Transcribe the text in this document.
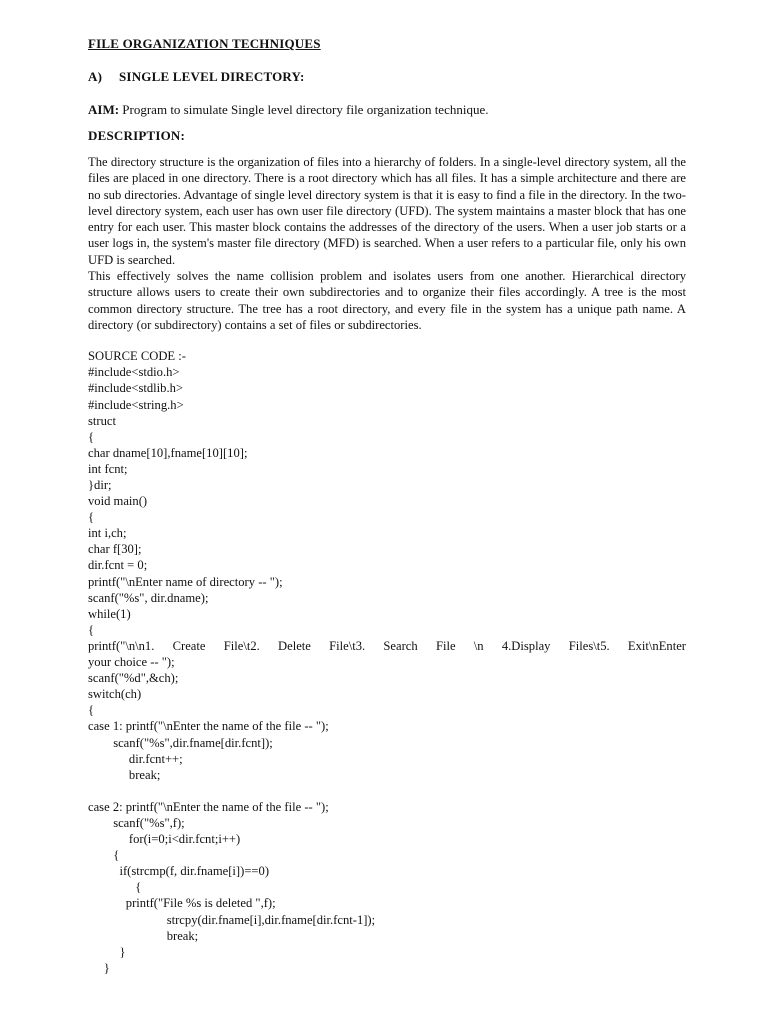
FILE ORGANIZATION TECHNIQUES
A)	SINGLE LEVEL DIRECTORY:
AIM: Program to simulate Single level directory file organization technique.
DESCRIPTION:

The directory structure is the organization of files into a hierarchy of folders. In a single-level directory system, all the files are placed in one directory. There is a root directory which has all files. It has a simple architecture and there are no sub directories. Advantage of single level directory system is that it is easy to find a file in the directory. In the two-level directory system, each user has own user file directory (UFD). The system maintains a master block that has one entry for each user. This master block contains the addresses of the directory of the users. When a user job starts or a user logs in, the system's master file directory (MFD) is searched. When a user refers to a particular file, only his own UFD is searched.

This effectively solves the name collision problem and isolates users from one another. Hierarchical directory structure allows users to create their own subdirectories and to organize their files accordingly. A tree is the most common directory structure. The tree has a root directory, and every file in the system has a unique path name. A directory (or subdirectory) contains a set of files or subdirectories.

SOURCE CODE :-
#include<stdio.h>
#include<stdlib.h>
#include<string.h>
struct
{
char dname[10],fname[10][10];
int fcnt;
}dir;
void main()
{
int i,ch;
char f[30];
dir.fcnt = 0;
printf("\nEnter name of directory -- ");
scanf("%s", dir.dname);
while(1)
{
printf("\n\n1. Create File\t2. Delete File\t3. Search File \n 4.Display Files\t5. Exit\nEnter
your choice -- ");
scanf("%d",&ch);
switch(ch)
{
case 1: printf("\nEnter the name of the file -- ");
scanf("%s",dir.fname[dir.fcnt]);
dir.fcnt++;
break;
case 2: printf("\nEnter the name of the file -- ");
scanf("%s",f);
for(i=0;i<dir.fcnt;i++)
{
if(strcmp(f, dir.fname[i])==0)
{
printf("File %s is deleted ",f);
strcpy(dir.fname[i],dir.fname[dir.fcnt-1]);
break;
}
}
